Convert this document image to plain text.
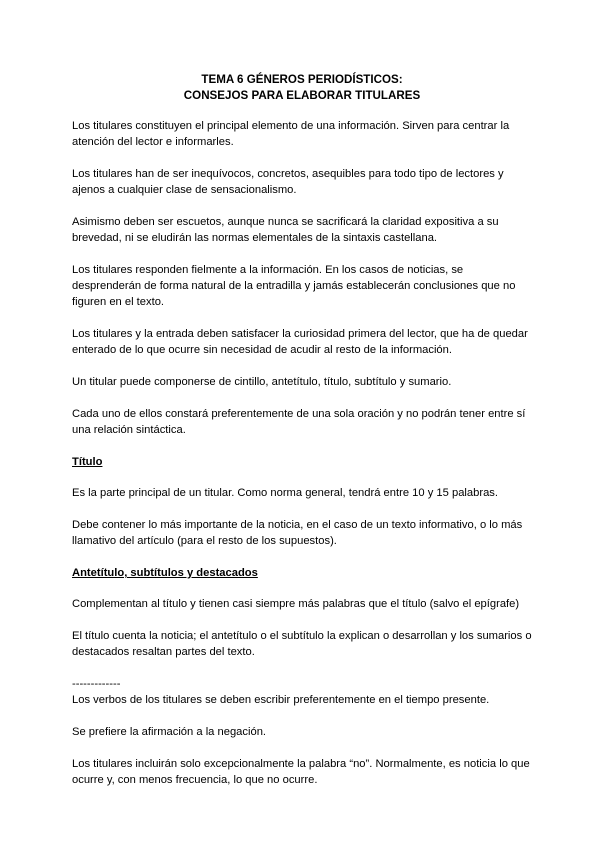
TEMA 6 GÉNEROS PERIODÍSTICOS:
CONSEJOS PARA ELABORAR TITULARES

Los titulares constituyen el principal elemento de una información. Sirven para centrar la atención del lector e informarles.

Los titulares han de ser inequívocos, concretos, asequibles para todo tipo de lectores y ajenos a cualquier clase de sensacionalismo.

Asimismo deben ser escuetos, aunque nunca se sacrificará la claridad expositiva a su brevedad, ni se eludirán las normas elementales de la sintaxis castellana.

Los titulares responden fielmente a la información. En los casos de noticias, se desprenderán de forma natural de la entradilla y jamás establecerán conclusiones que no figuren en el texto.

Los titulares y la entrada deben satisfacer la curiosidad primera del lector, que ha de quedar enterado de lo que ocurre sin necesidad de acudir al resto de la información.

Un titular puede componerse de cintillo, antetítulo, título, subtítulo y sumario.

Cada uno de ellos constará preferentemente de una sola oración y no podrán tener entre sí una relación sintáctica.

Título

Es la parte principal de un titular. Como norma general, tendrá entre 10 y 15 palabras.

Debe contener lo más importante de la noticia, en el caso de un texto informativo, o lo más llamativo del artículo (para el resto de los supuestos).

Antetítulo, subtítulos y destacados

Complementan al título y tienen casi siempre más palabras que el título (salvo el epígrafe)

El título cuenta la noticia; el antetítulo o el subtítulo la explican o desarrollan y los sumarios o destacados resaltan partes del texto.

-------------

Los verbos de los titulares se deben escribir preferentemente en el tiempo presente.

Se prefiere la afirmación a la negación.

Los titulares incluirán solo excepcionalmente la palabra “no”. Normalmente, es noticia lo que ocurre y, con menos frecuencia, lo que no ocurre.
